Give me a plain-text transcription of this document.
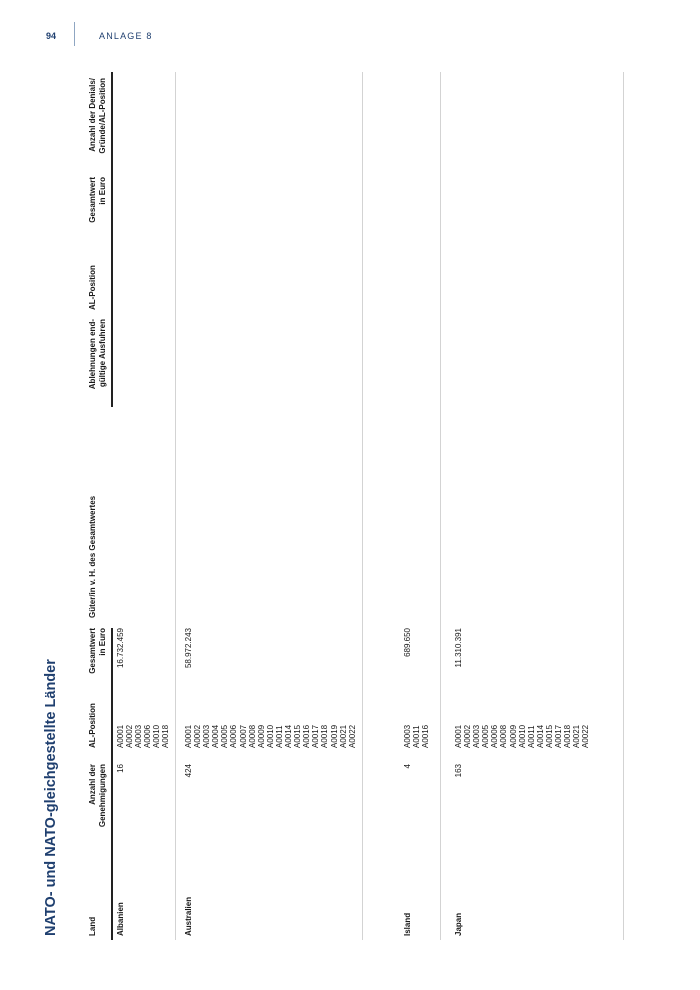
94	ANLAGE 8
NATO- und NATO-gleichgestellte Länder	Land
Anzahl der Genehmigungen
AL-Position
Gesamtwert in Euro
Güter/in v. H. des Gesamtwertes
Ablehnungen end- gültige Ausfuhren
AL-Position
Gesamtwert in Euro
Anzahl der Denials/ Gründe/AL-Position
Albanien
16
A0001 A0002 A0003 A0006 A0010 A0018
16.732.459
Australien
424
A0001 A0002 A0003 A0004 A0005 A0006 A0007 A0008 A0009 A0010 A0011 A0014 A0015 A0016 A0017 A0018 A0019 A0021 A0022
58.972.243
Island
4
A0003 A0011 A0016
689.650
Japan
163
A0001 A0002 A0003 A0005 A0006 A0008 A0009 A0010 A0011 A0014 A0015 A0017 A0018 A0021 A0022
11.310.391
